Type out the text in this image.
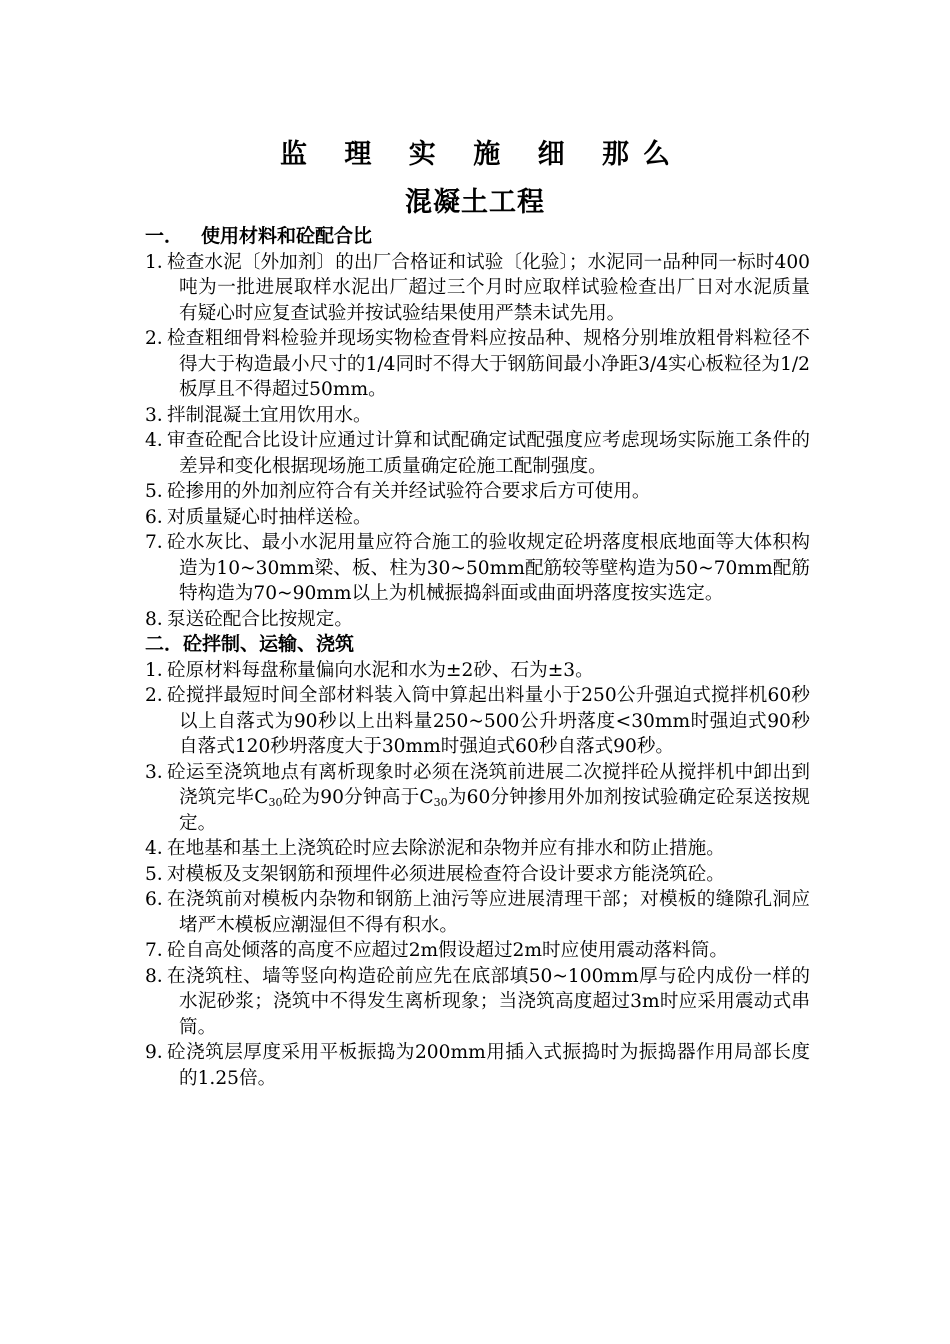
监 理 实 施 细 那么
混凝土工程
一． 使用材料和砼配合比
1．
检查水泥〔外加剂〕的出厂合格证和试验〔化验〕；水泥同一品种同一标时400吨为一批进展取样水泥出厂超过三个月时应取样试验检查出厂日对水泥质量有疑心时应复查试验并按试验结果使用严禁未试先用。
2．
检查粗细骨料检验并现场实物检查骨料应按品种、规格分别堆放粗骨料粒径不得大于构造最小尺寸的1/4同时不得大于钢筋间最小净距3/4实心板粒径为1/2板厚且不得超过50mm。
3．
拌制混凝土宜用饮用水。
4．
审查砼配合比设计应通过计算和试配确定试配强度应考虑现场实际施工条件的差异和变化根据现场施工质量确定砼施工配制强度。
5．
砼掺用的外加剂应符合有关并经试验符合要求后方可使用。
6．
对质量疑心时抽样送检。
7．
砼水灰比、最小水泥用量应符合施工的验收规定砼坍落度根底地面等大体积构造为10~30mm梁、板、柱为30~50mm配筋较等壁构造为50~70mm配筋特构造为70~90mm以上为机械振捣斜面或曲面坍落度按实选定。
8．
泵送砼配合比按规定。
二．砼拌制、运输、浇筑
1．
砼原材料每盘称量偏向水泥和水为±2砂、石为±3。
2．
砼搅拌最短时间全部材料装入筒中算起出料量小于250公升强迫式搅拌机60秒以上自落式为90秒以上出料量250~500公升坍落度<30mm时强迫式90秒自落式120秒坍落度大于30mm时强迫式60秒自落式90秒。
3．
砼运至浇筑地点有离析现象时必须在浇筑前进展二次搅拌砼从搅拌机中卸出到浇筑完毕$C_{30}$砼为90分钟高于$C_{30}$为60分钟掺用外加剂按试验确定砼泵送按规定。
4．
在地基和基土上浇筑砼时应去除淤泥和杂物并应有排水和防止措施。
5．
对模板及支架钢筋和预埋件必须进展检查符合设计要求方能浇筑砼。
6．
在浇筑前对模板内杂物和钢筋上油污等应进展清理干部；对模板的缝隙孔洞应堵严木模板应潮湿但不得有积水。
7．
砼自高处倾落的高度不应超过2m假设超过2m时应使用震动落料筒。
8．
在浇筑柱、墙等竖向构造砼前应先在底部填50~100mm厚与砼内成份一样的水泥砂浆；浇筑中不得发生离析现象；当浇筑高度超过3m时应采用震动式串筒。
9．
砼浇筑层厚度采用平板振捣为200mm用插入式振捣时为振捣器作用局部长度的1.25倍。
